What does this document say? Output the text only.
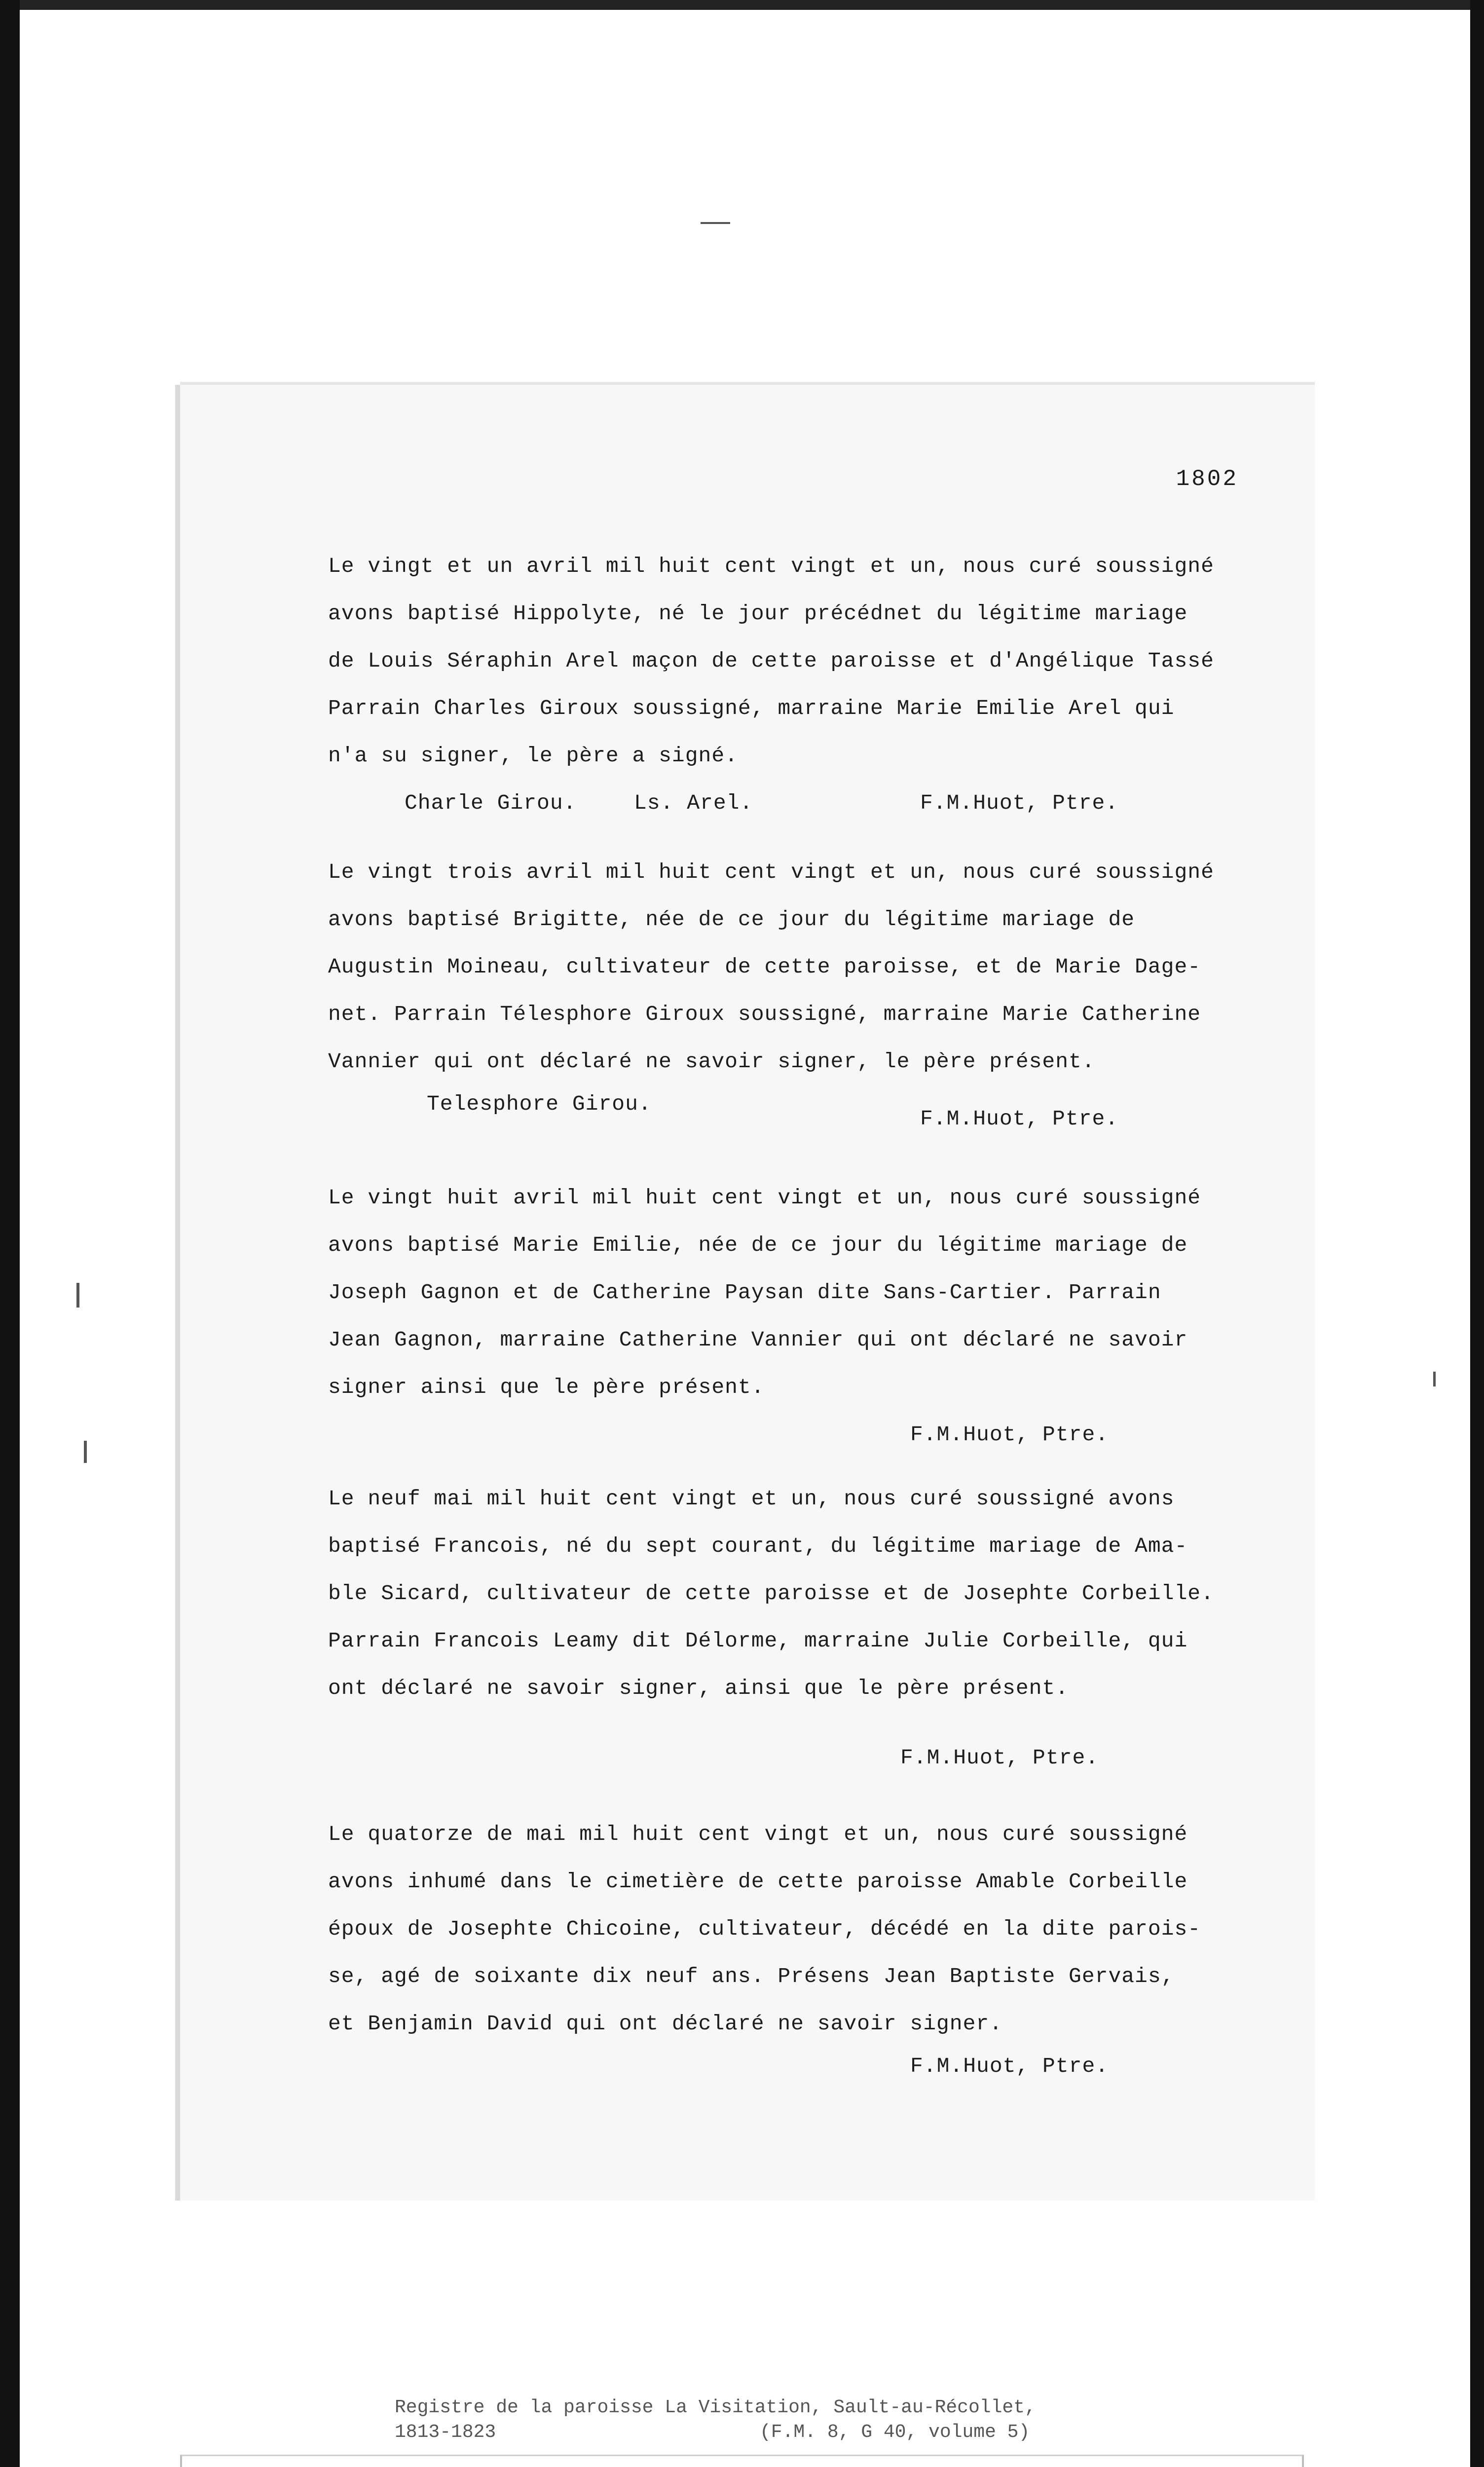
1802
Le vingt et un avril mil huit cent vingt et un, nous curé soussigné
avons baptisé Hippolyte, né le jour précédnet du légitime mariage
de Louis Séraphin Arel maçon de cette paroisse et d'Angélique Tassé
Parrain Charles Giroux soussigné, marraine Marie Emilie Arel qui
n'a su signer, le père a signé.
Charle Girou.	Ls. Arel.	F.M.Huot, Ptre.
Le vingt trois avril mil huit cent vingt et un, nous curé soussigné
avons baptisé Brigitte, née de ce jour du légitime mariage de
Augustin Moineau, cultivateur de cette paroisse, et de Marie Dage-
net. Parrain Télesphore Giroux soussigné, marraine Marie Catherine
Vannier qui ont déclaré ne savoir signer, le père présent.
Telesphore Girou.
F.M.Huot, Ptre.
Le vingt huit avril mil huit cent vingt et un, nous curé soussigné
avons baptisé Marie Emilie, née de ce jour du légitime mariage de
Joseph Gagnon et de Catherine Paysan dite Sans-Cartier. Parrain
Jean Gagnon, marraine Catherine Vannier qui ont déclaré ne savoir
signer ainsi que le père présent.
F.M.Huot, Ptre.
Le neuf mai mil huit cent vingt et un, nous curé soussigné avons
baptisé Francois, né du sept courant, du légitime mariage de Ama-
ble Sicard, cultivateur de cette paroisse et de Josephte Corbeille.
Parrain Francois Leamy dit Délorme, marraine Julie Corbeille, qui
ont déclaré ne savoir signer, ainsi que le père présent.
F.M.Huot, Ptre.
Le quatorze de mai mil huit cent vingt et un, nous curé soussigné
avons inhumé dans le cimetière de cette paroisse Amable Corbeille
époux de Josephte Chicoine, cultivateur, décédé en la dite parois-
se, agé de soixante dix neuf ans. Présens Jean Baptiste Gervais,
et Benjamin David qui ont déclaré ne savoir signer.
F.M.Huot, Ptre.
Registre de la paroisse La Visitation, Sault-au-Récollet,
1813-1823	(F.M. 8, G 40, volume 5)
